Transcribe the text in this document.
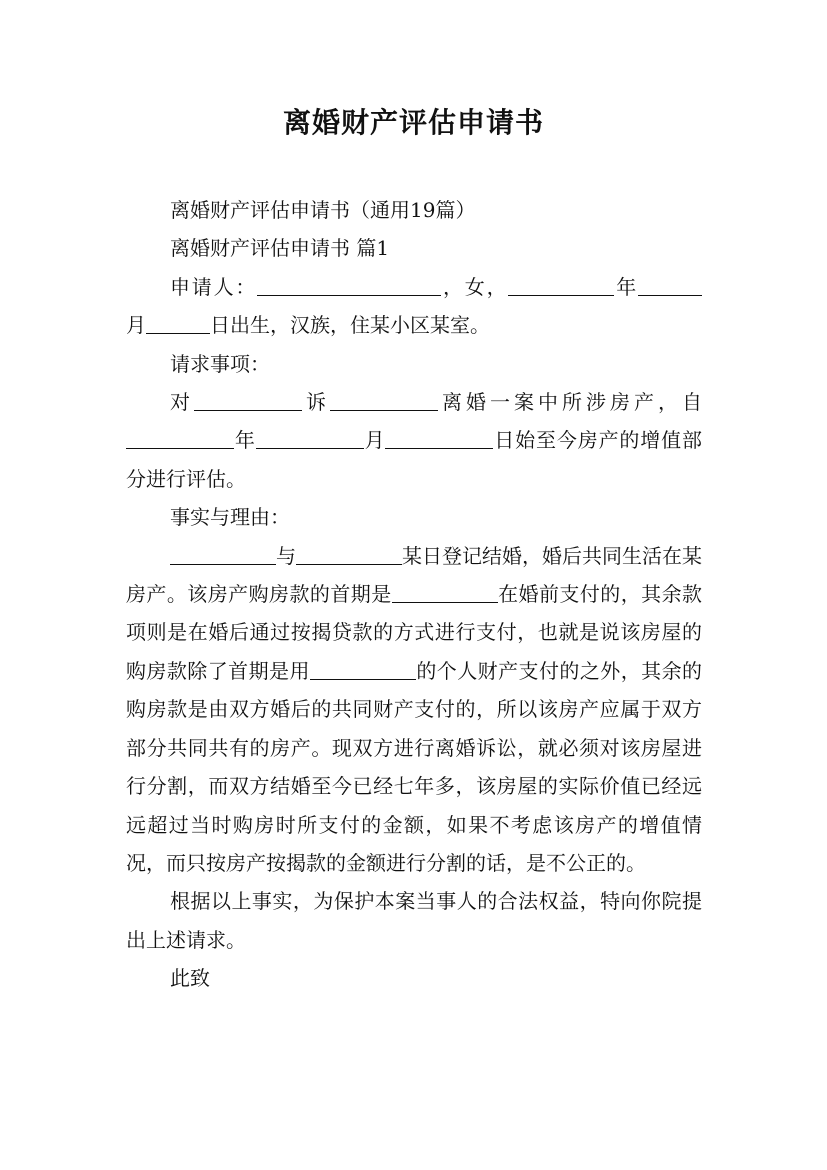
离婚财产评估申请书

离婚财产评估申请书（通用19篇）

离婚财产评估申请书 篇1

申请人：	，女，	年月	日出生，汉族，住某小区某室。

请求事项：

对	诉	离婚一案中所涉房产，自年	月	日始至今房产的增值部分进行评估。

事实与理由：

与	某日登记结婚，婚后共同生活在某房产。该房产购房款的首期是	在婚前支付的，其余款项则是在婚后通过按揭贷款的方式进行支付，也就是说该房屋的购房款除了首期是用	的个人财产支付的之外，其余的购房款是由双方婚后的共同财产支付的，所以该房产应属于双方部分共同共有的房产。现双方进行离婚诉讼，就必须对该房屋进行分割，而双方结婚至今已经七年多，该房屋的实际价值已经远远超过当时购房时所支付的金额，如果不考虑该房产的增值情况，而只按房产按揭款的金额进行分割的话，是不公正的。

根据以上事实，为保护本案当事人的合法权益，特向你院提出上述请求。

此致
